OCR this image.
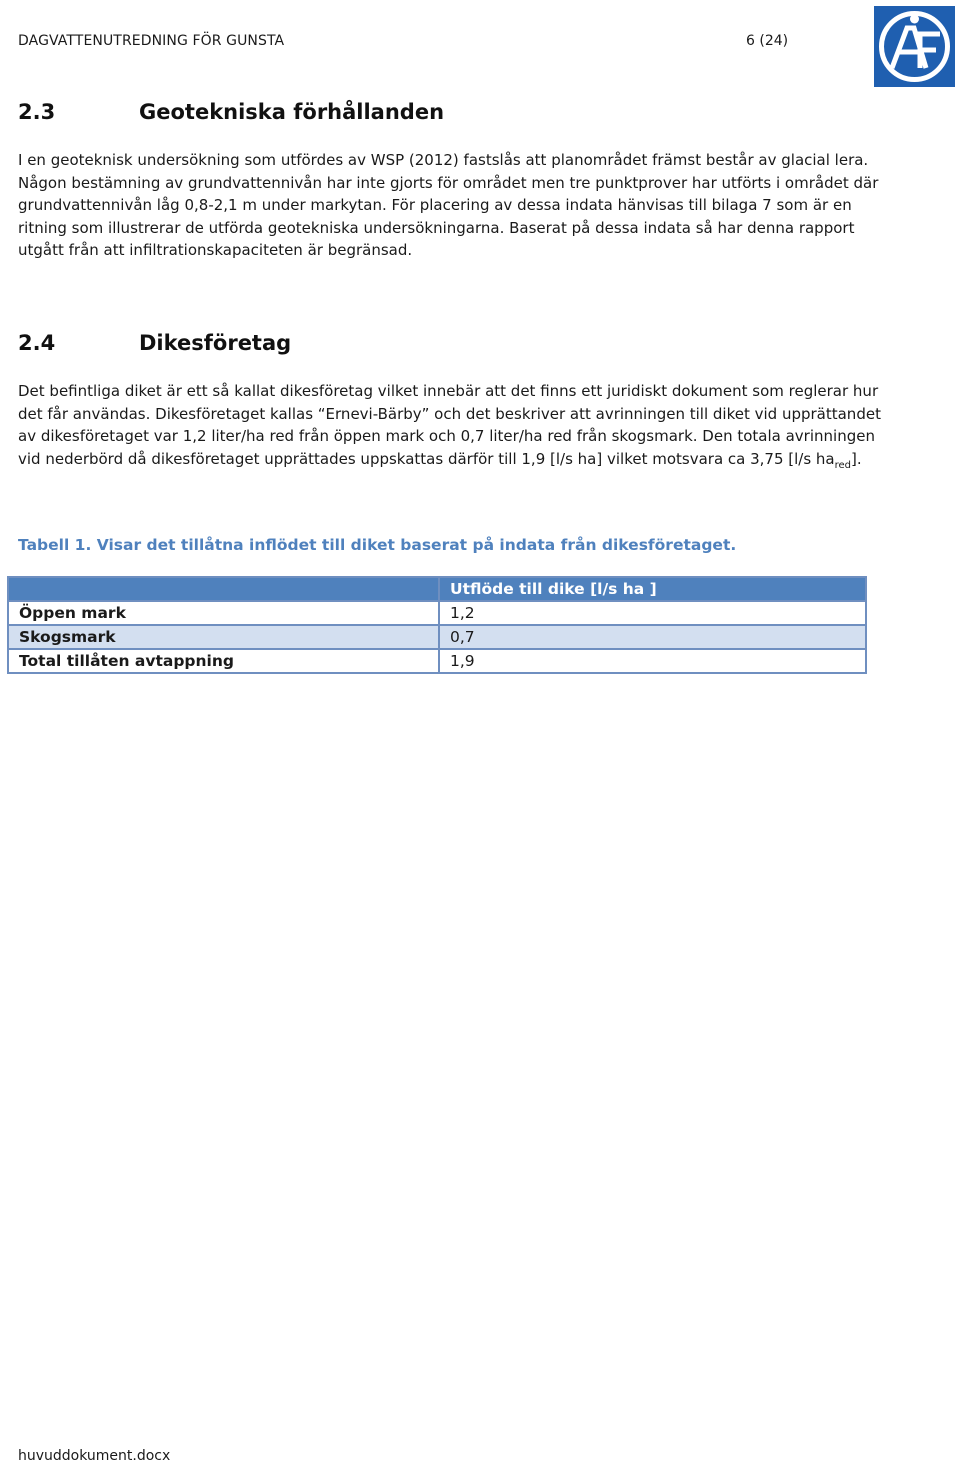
DAGVATTENUTREDNING FÖR GUNSTA	6 (24)
2.3	Geotekniska förhållanden
I en geoteknisk undersökning som utfördes av WSP (2012) fastslås att planområdet främst består av glacial lera.
Någon bestämning av grundvattennivån har inte gjorts för området men tre punktprover har utförts i området där
grundvattennivån låg 0,8-2,1 m under markytan. För placering av dessa indata hänvisas till bilaga 7 som är en
ritning som illustrerar de utförda geotekniska undersökningarna. Baserat på dessa indata så har denna rapport
utgått från att infiltrationskapaciteten är begränsad.
2.4	Dikesföretag
Det befintliga diket är ett så kallat dikesföretag vilket innebär att det finns ett juridiskt dokument som reglerar hur
det får användas. Dikesföretaget kallas “Ernevi-Bärby” och det beskriver att avrinningen till diket vid upprättandet
av dikesföretaget var 1,2 liter/ha red från öppen mark och 0,7 liter/ha red från skogsmark. Den totala avrinningen
vid nederbörd då dikesföretaget upprättades uppskattas därför till 1,9 [l/s ha] vilket motsvara ca 3,75 [l/s $ha_{red}$].
Tabell 1. Visar det tillåtna inflödet till diket baserat på indata från dikesföretaget.
	Utflöde till dike [l/s ha ]
Öppen mark	1,2
Skogsmark	0,7
Total tillåten avtappning	1,9
huvuddokument.docx
